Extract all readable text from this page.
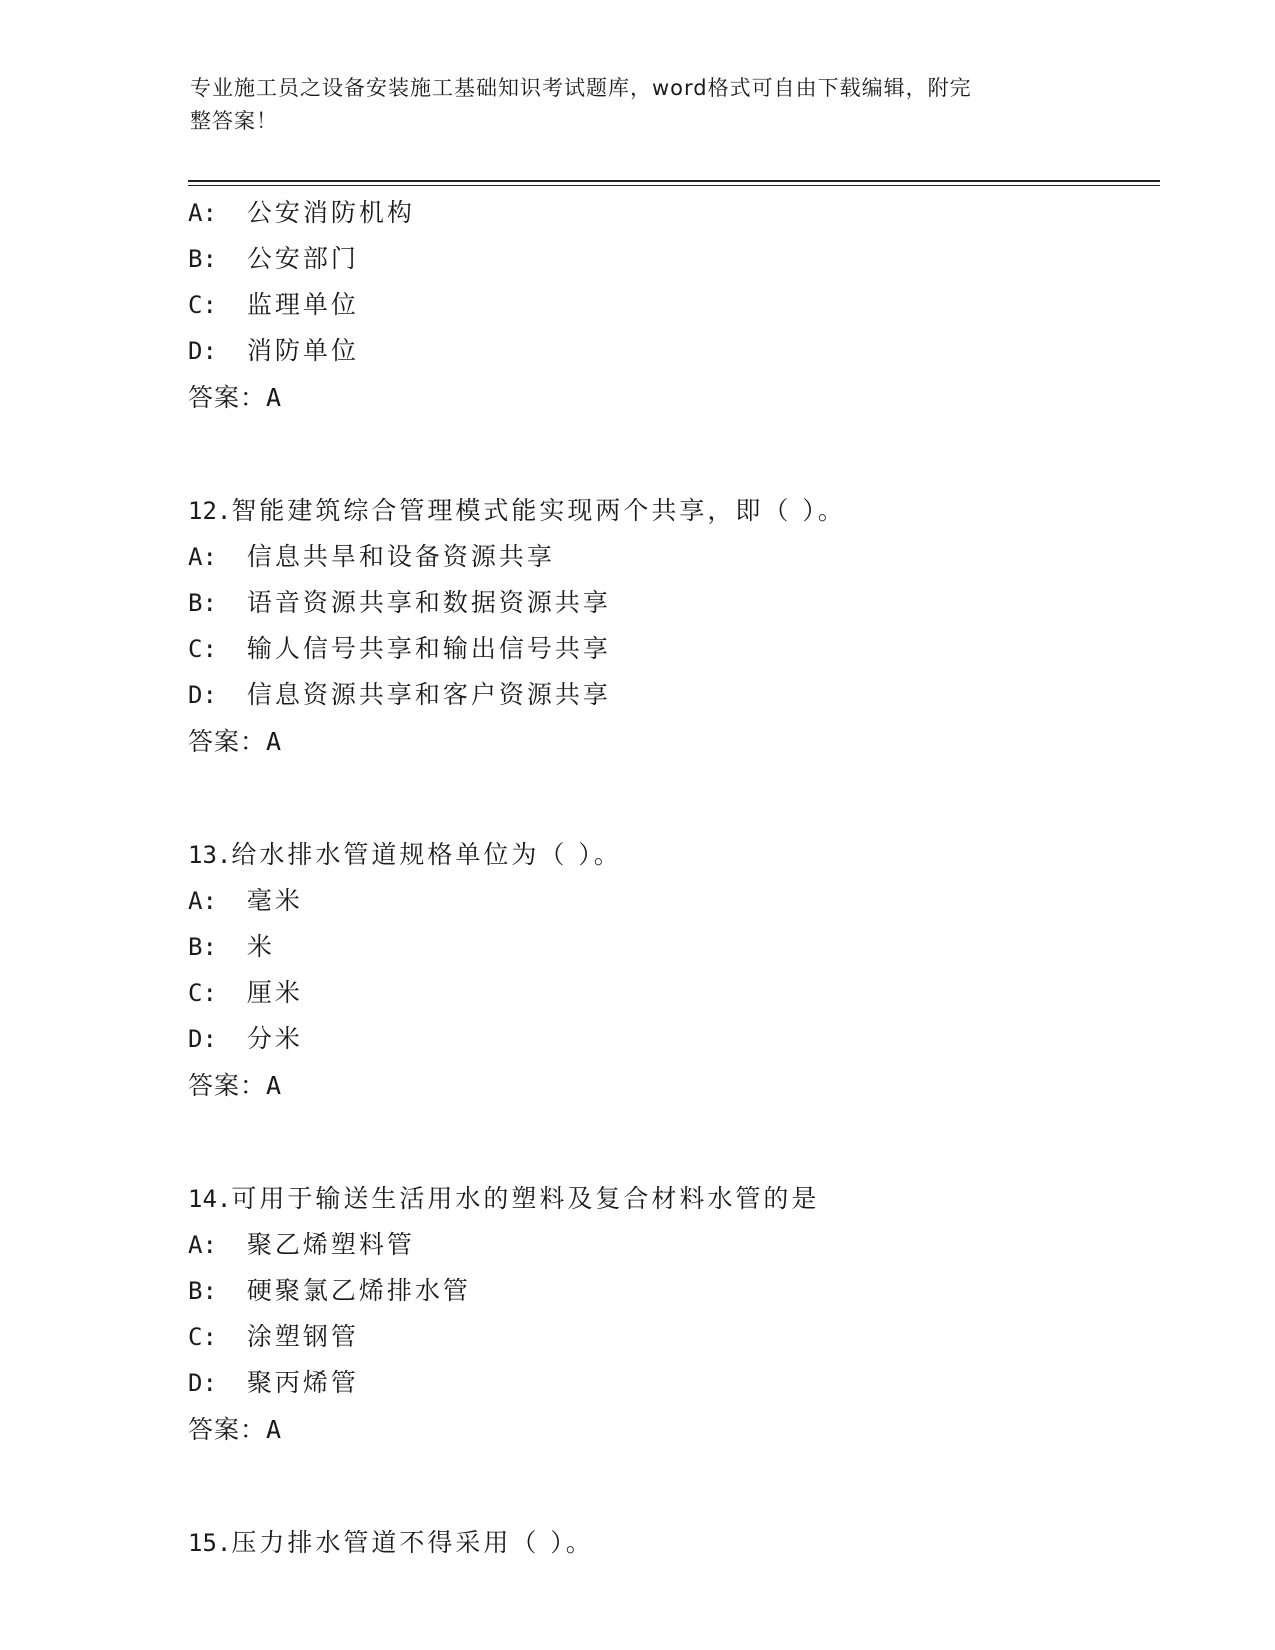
专业施工员之设备安装施工基础知识考试题库，word格式可自由下载编辑，附完
整答案！
A: 公安消防机构
B: 公安部门
C: 监理单位
D: 消防单位
答案：A
12.智能建筑综合管理模式能实现两个共享，即（ ）。
A: 信息共旱和设备资源共享
B: 语音资源共享和数据资源共享
C: 输人信号共享和输出信号共享
D: 信息资源共享和客户资源共享
答案：A
13.给水排水管道规格单位为（ ）。
A: 毫米
B: 米
C: 厘米
D: 分米
答案：A
14.可用于输送生活用水的塑料及复合材料水管的是
A: 聚乙烯塑料管
B: 硬聚氯乙烯排水管
C: 涂塑钢管
D: 聚丙烯管
答案：A
15.压力排水管道不得采用（ ）。
